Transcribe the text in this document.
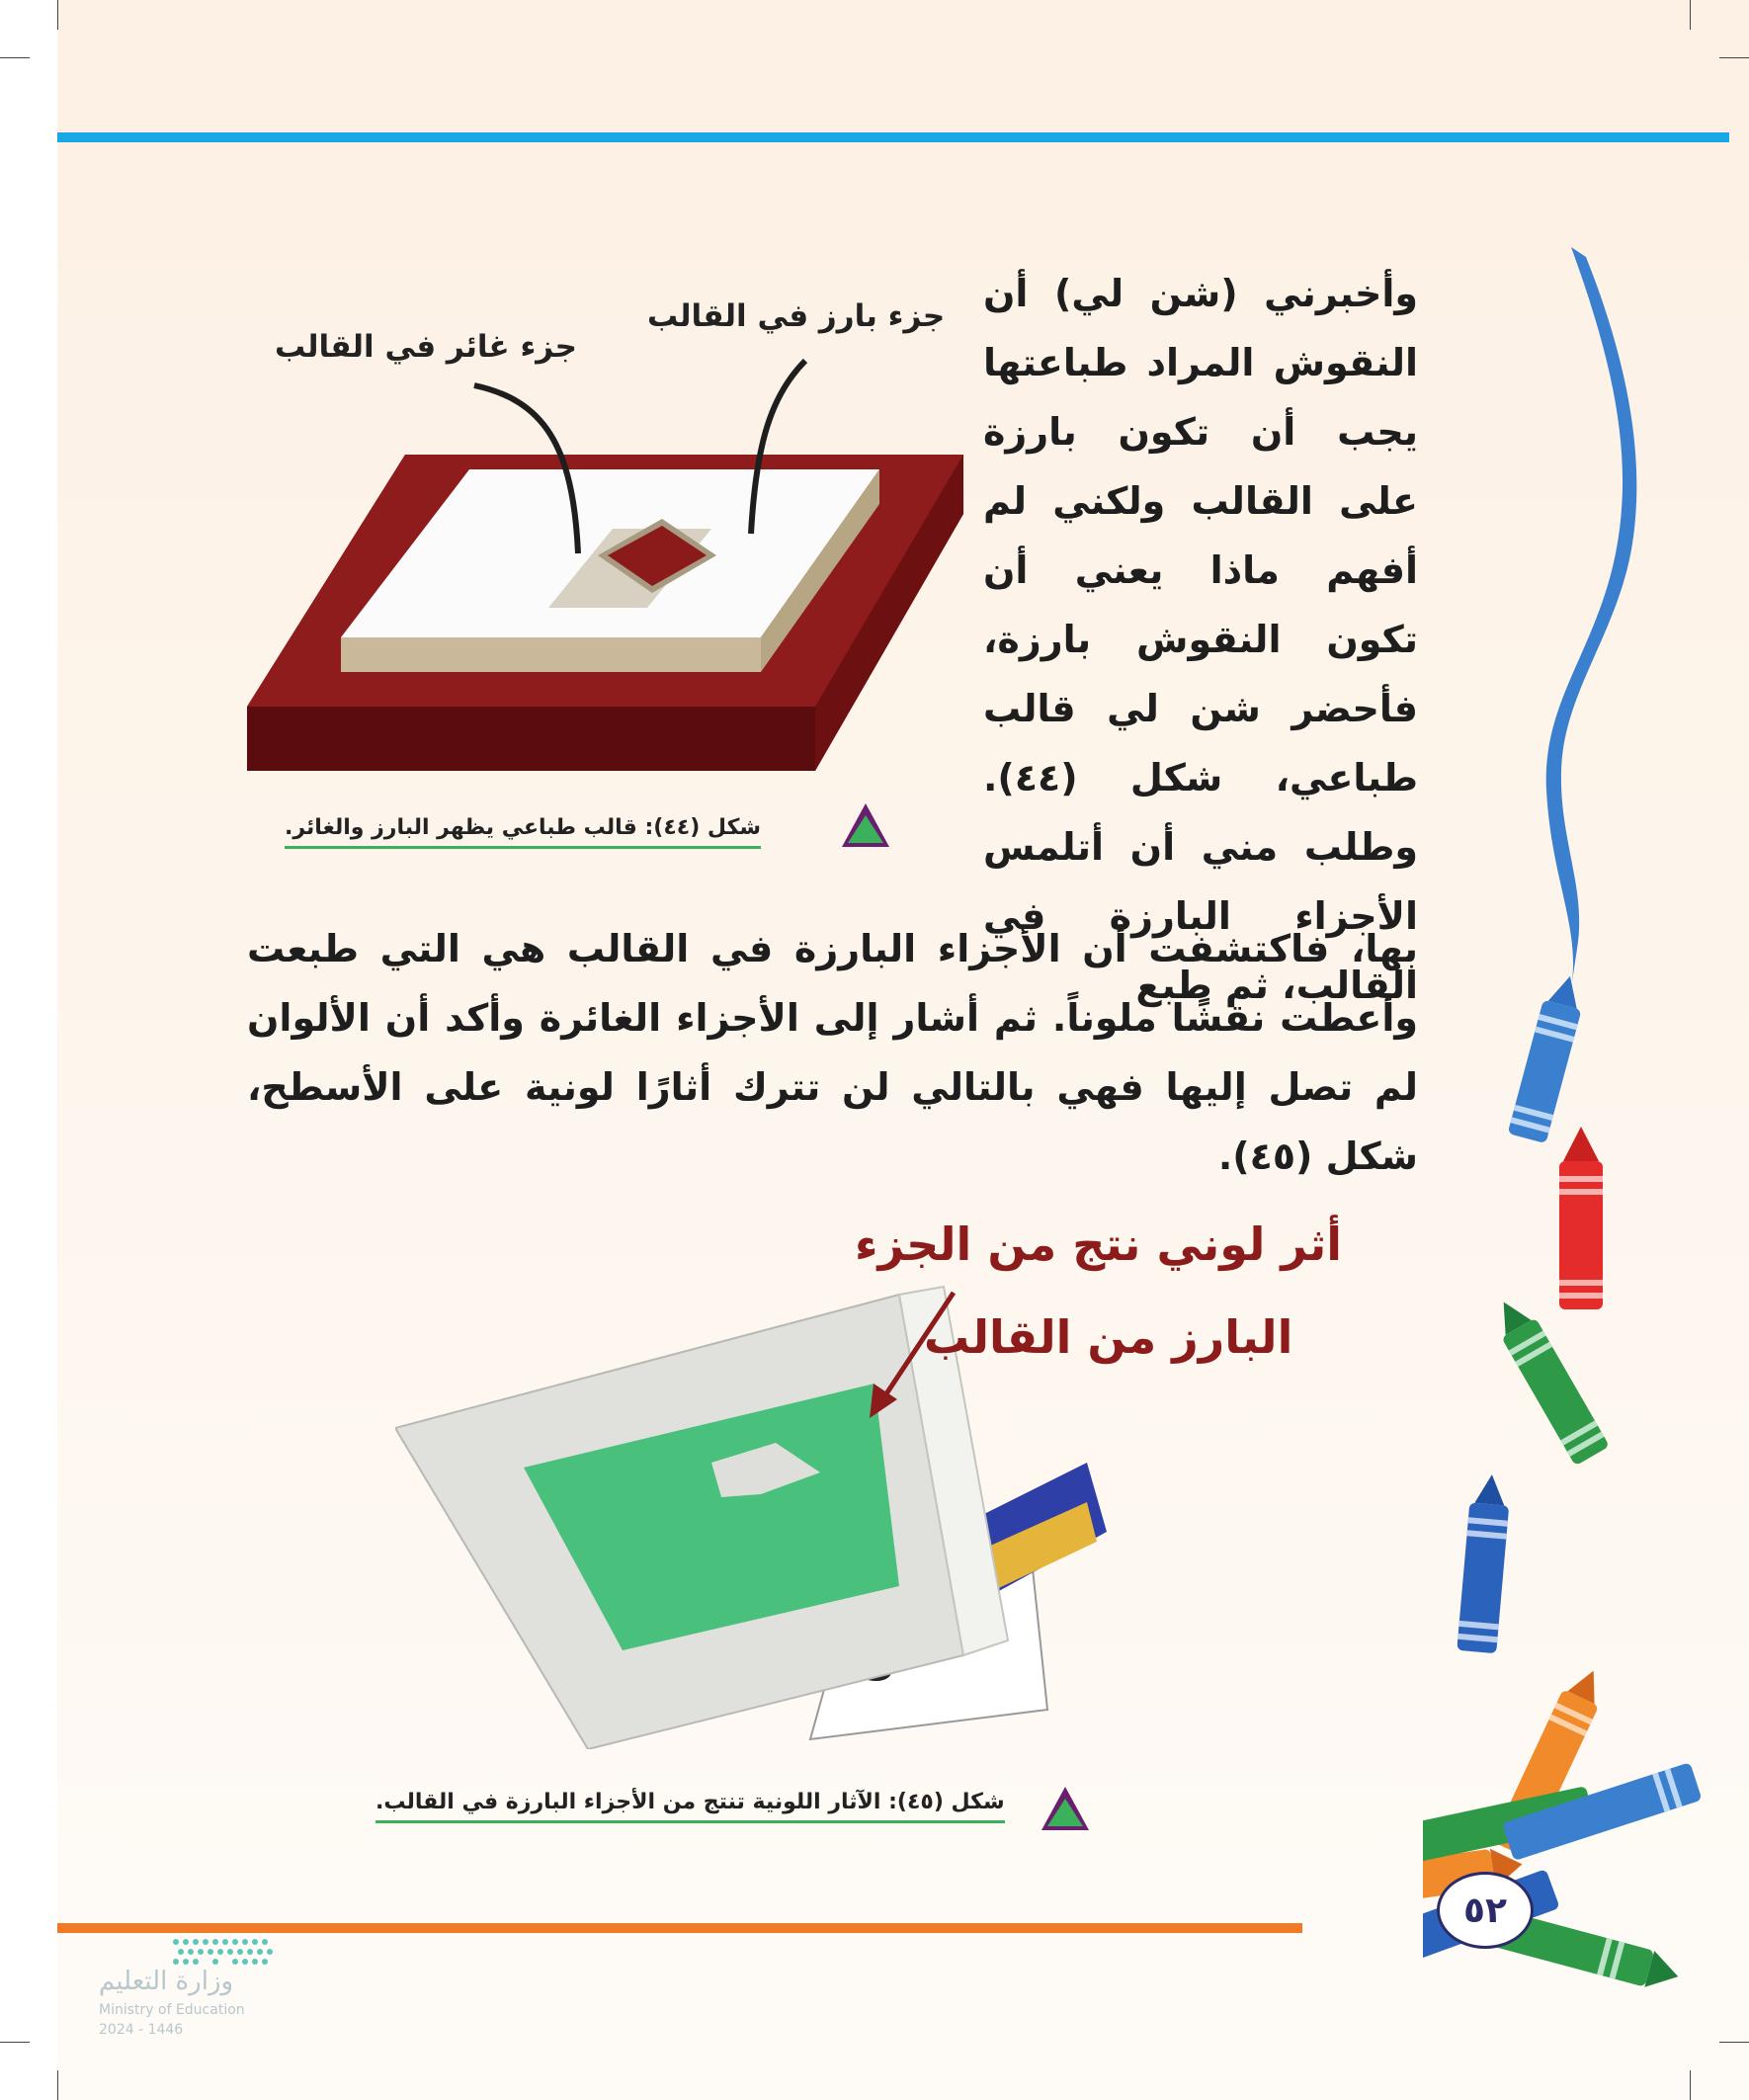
٥٢

وأخبرني (شن لي) أن النقوش المراد طباعتها يجب أن تكون بارزة على القالب ولكني لم أفهم ماذا يعني أن تكون النقوش بارزة، فأحضر شن لي قالب طباعي، شكل (٤٤). وطلب مني أن أتلمس الأجزاء البارزة في القالب، ثم طبع

بها، فاكتشفت أن الأجزاء البارزة في القالب هي التي طبعت وأعطت نقشًا ملوناً. ثم أشار إلى الأجزاء الغائرة وأكد أن الألوان لم تصل إليها فهي بالتالي لن تترك أثارًا لونية على الأسطح، شكل (٤٥).

جزء بارز في القالب
جزء غائر في القالب
شكل (٤٤): قالب طباعي يظهر البارز والغائر.
أثر لوني نتج من الجزء
البارز من القالب
شكل (٤٥): الآثار اللونية تنتج من الأجزاء البارزة في القالب.
وزارة التعليم
Ministry of Education
2024 - 1446
